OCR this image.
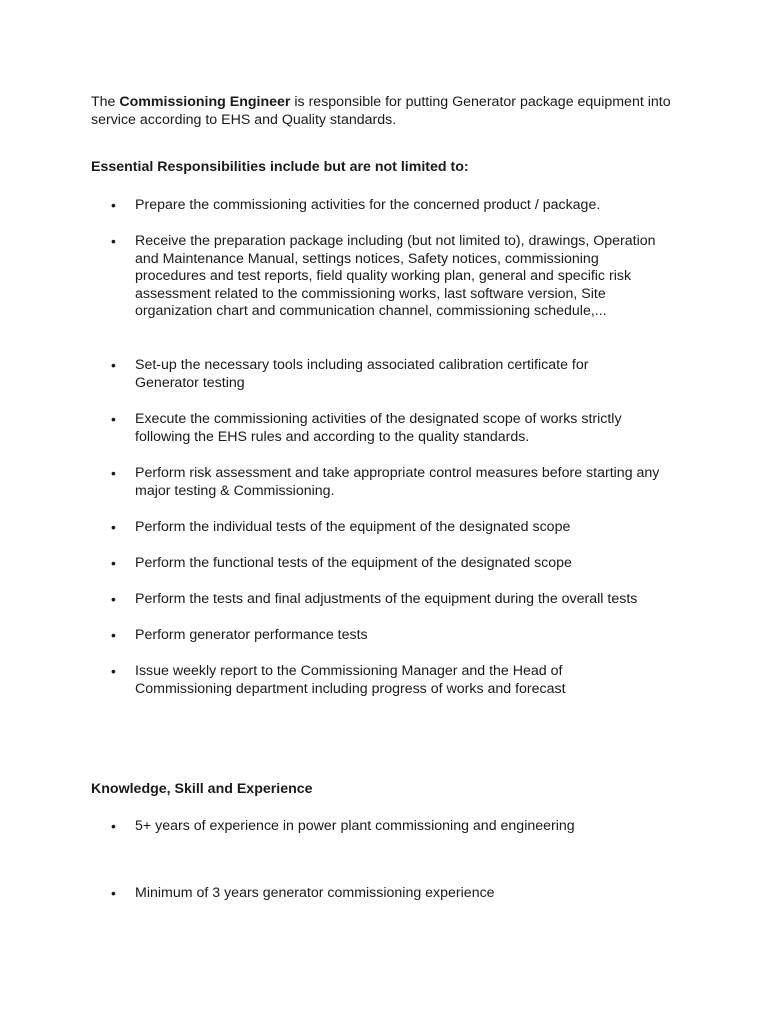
The Commissioning Engineer is responsible for putting Generator package equipment into service according to EHS and Quality standards.

Essential Responsibilities include but are not limited to:

• Prepare the commissioning activities for the concerned product / package.
• Receive the preparation package including (but not limited to), drawings, Operation and Maintenance Manual, settings notices, Safety notices, commissioning procedures and test reports, field quality working plan, general and specific risk assessment related to the commissioning works, last software version, Site organization chart and communication channel, commissioning schedule,...
• Set-up the necessary tools including associated calibration certificate for Generator testing
• Execute the commissioning activities of the designated scope of works strictly following the EHS rules and according to the quality standards.
• Perform risk assessment and take appropriate control measures before starting any major testing & Commissioning.
• Perform the individual tests of the equipment of the designated scope
• Perform the functional tests of the equipment of the designated scope
• Perform the tests and final adjustments of the equipment during the overall tests
• Perform generator performance tests
• Issue weekly report to the Commissioning Manager and the Head of Commissioning department including progress of works and forecast

Knowledge, Skill and Experience

• 5+ years of experience in power plant commissioning and engineering
• Minimum of 3 years generator commissioning experience
